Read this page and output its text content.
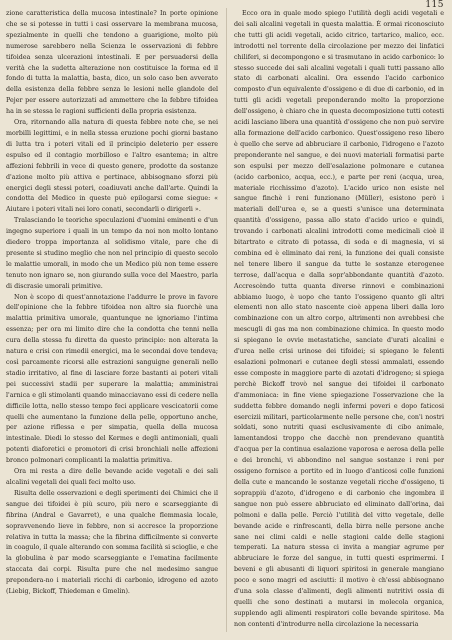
115

zione caratteristica della mucosa intestinale? In porte opinione che se si potesse in tutti i casi osservare la membrana mucosa, spezialmente in quelli che tendono a guarigione, molto più numerose sarebbero nella Scienza le osservazioni di febbre tifoidea senza ulcerazioni intestinali. E per persuadersi della verità che la sudetta alterazione non costituisce la forma ed il fondo di tutta la malattia, basta, dico, un solo caso ben avverato della esistenza della febbre senza le lesioni nelle glandole del Pejer per essere autorizzati ad ammettere che la febbre tifoidea ha in se stessa le ragioni sufficienti della propria esistenza.

Ora, ritornando alla natura di questa febbre note che, se nei morbilli legittimi, e in nella stessa eruzione pochi giorni bastano di lutta tra i poteri vitali ed il principio deleterio per essere espulso ed il contagio morbilloso e l'altro esantema; in altre affezioni febbrili in vece di questo genere, prodotte da sostanze d'azione molto più attiva e pertinace, abbisognano sforzi più energici degli stessi poteri, coadiuvati anche dall'arte. Quindi la condotta del Medico in queste può epilogarsi come siegue: « Aiutare i poteri vitali nei loro conati, secondarli o dirigerli ».

Tralasciando le teoriche speculazioni d'uomini eminenti e d'un ingegno superiore i quali in un tempo da noi non molto lontano diedero troppa importanza al solidismo vitale, pare che di presente si studino meglio che non nel principio di questo secolo le malattie umorali, in modo che un Medico più non teme essere tenuto non ignaro se, non giurando sulla voce del Maestro, parla di discrasie umorali primitive.

Non è scopo di quest'annotazione l'addurre le prove in favore dell'opinione che la febbre tifoidea non altro sia fuorchè una malattia primitiva umorale, quantunque ne ignoriamo l'intima essenza; per ora mi limito dire che la condotta che tenni nella cura della stessa fu diretta da questo principio: non alterata la natura e crisi con rimedii energici, ma le secondai dove tendeva; così parcamente ricorsi alle estrazioni sanguigne generali nello stadio irritativo, al fine di lasciare forze bastanti ai poteri vitali pei successivi stadii per superare la malattia; amministrai l'arnica e gli stimolanti quando minacciavano essi di cedere nella difficile lotta, nello stesso tempo feci applicare vescicatorii come quelli che aumentano la funzione della pelle, opportuno anche, per azione riflessa e per simpatia, quella della mucosa intestinale. Diedi lo stesso del Kermes e degli antimoniali, quali potenti diaforetici e promotori di crisi bronchiali nelle affezioni bronco polmonari complicanti la malattia primitiva.

Ora mi resta a dire delle bevande acide vegetali e dei sali alcalini vegetali dei quali feci molto uso.

Risulta delle osservazioni e degli sperimenti dei Chimici che il sangue dei tifoidei è più scuro, più nero e scarseggiante di fibrina (Andral e Gavarret), e una qualche flemmasia locale, sopravvenendo lieve in febbre, non si accresce la proporzione relativa in tutta la massa; che la fibrina difficilmente si converte in coagulo, il quale alterando con somma facilità si scioglie, e che la globulina è par modo scarseggiante e l'ematina facilmente staccata dai corpi. Risulta pure che nel medesimo sangue prepondera-no i materiali ricchi di carbonio, idrogeno ed azoto (Liebig, Bickoff, Thiedeman e Gmelin).

Ecco ora in quale modo spiego l'utilità degli acidi vegetali e dei sali alcalini vegetali in questa malattia. È ormai riconosciuto che tutti gli acidi vegetali, acido citrico, tartarico, malico, ecc. introdotti nel torrente della circolazione per mezzo dei linfatici chiliferi, si decompongono e si trasmutano in acido carbonico: lo stesso succede dei sali alcalini vegetali i quali tutti passano allo stato di carbonati alcalini. Ora essendo l'acido carbonico composto d'un equivalente d'ossigeno e di due di carbonio, ed in tutti gli acidi vegetali preponderando molto la proporzione dell'ossigeno, è chiaro che in questa decomposizione tutti cotesti acidi lasciano libera una quantità d'ossigeno che non può servire alla formazione dell'acido carbonico. Quest'ossigeno reso libero è quello che serve ad abbruciare il carbonio, l'idrogeno e l'azoto preponderante nel sangue, e dei nuovi materiali formatisi parte son espulsi per mezzo dell'esalazione polmonare e cutanea (acido carbonico, acqua, ecc.), e parte per reni (acqua, urea, materiale ricchissimo d'azoto). L'acido urico non esiste nel sangue finchè i reni funzionano (Müller), esistono però i materiali dell'urea e, se a questi s'unisce una determinata quantità d'ossigeno, passa allo stato d'acido urico e quindi, trovando i carbonati alcalini introdotti come medicinali cioè il bitartrato e citrato di potassa, di soda e di magnesia, vi si combina ed è eliminato dai reni, la funzione dei quali consiste nel tenere libero il sangue da tutte le sostanze eterogenee terrose, dall'acqua e dalla sopr'abbondante quantità d'azoto. Accrescèndo tutta quanta diverse rinnovi e combinazioni abbiamo luogo, è uopo che tanto l'ossigeno quanto gli altri elementi non allo stato nascente cioè appena liberi dalla loro combinazione con un altro corpo, altrimenti non avrebbesi che mescugli di gas ma non combinazione chimica. In questo modo si spiegano le ovvie metastatiche, sanciate d'urati alcalini e d'urea nelle crisi urinose dei tifoidei; si spiegano le felenti esalazioni polmonari e cutanee degli stessi ammalati, essendo esse composte in maggiore parte di azotati d'idrogeno; si spiega perchè Bickoff trovò nel sangue dei tifoidei il carbonato d'ammoniaca: in fine viene spiegazione l'osservazione che la suddetta febbre domando negli infermi poveri e dopo faticosi esercizii militari, particolarmente nelle persone che, con'i nostri soldati, sono nutriti quasi esclusivamente di cibo animale, lamentandosi troppo che dacchè non prendevano quantità d'acqua per la continua esalazione vaporosa e aerosa della pelle e dei bronchi, vi abbondino nel sangue sostanze i reni per ossigeno fornisce a portito ed in luogo d'anticosi colle funzioni della cute e mancando le sostanze vegetali ricche d'ossigeno, ti soprappiù d'azoto, d'idrogeno e di carbonio che ingombra il sangue non può essere abbruciato ed eliminato dall'orina, dai polmoni e dalla pelle. Perciò l'utilità del vitto vegetale, delle bevande acide e rinfrescanti, della birra nelle persone anche sane nei climi caldi e nelle stagioni calde delle stagioni temperati. La natura stessa ci invita a mangiar agrume per abbruciare le forze del sangue, in tutti questi esprimermi. I beveni e gli abusanti di liquori spiritosi in generale mangiano poco e sono magri ed asciutti: il motivo è ch'essi abbisognano d'una sola classe d'alimenti, degli alimenti nutritivi ossia di quelli che sono destinati a mutarsi in molecola organica, supplendo agli alimenti respiratori colle bevande spiritose. Ma non contenti d'introdurre nella circolazione la necessaria
